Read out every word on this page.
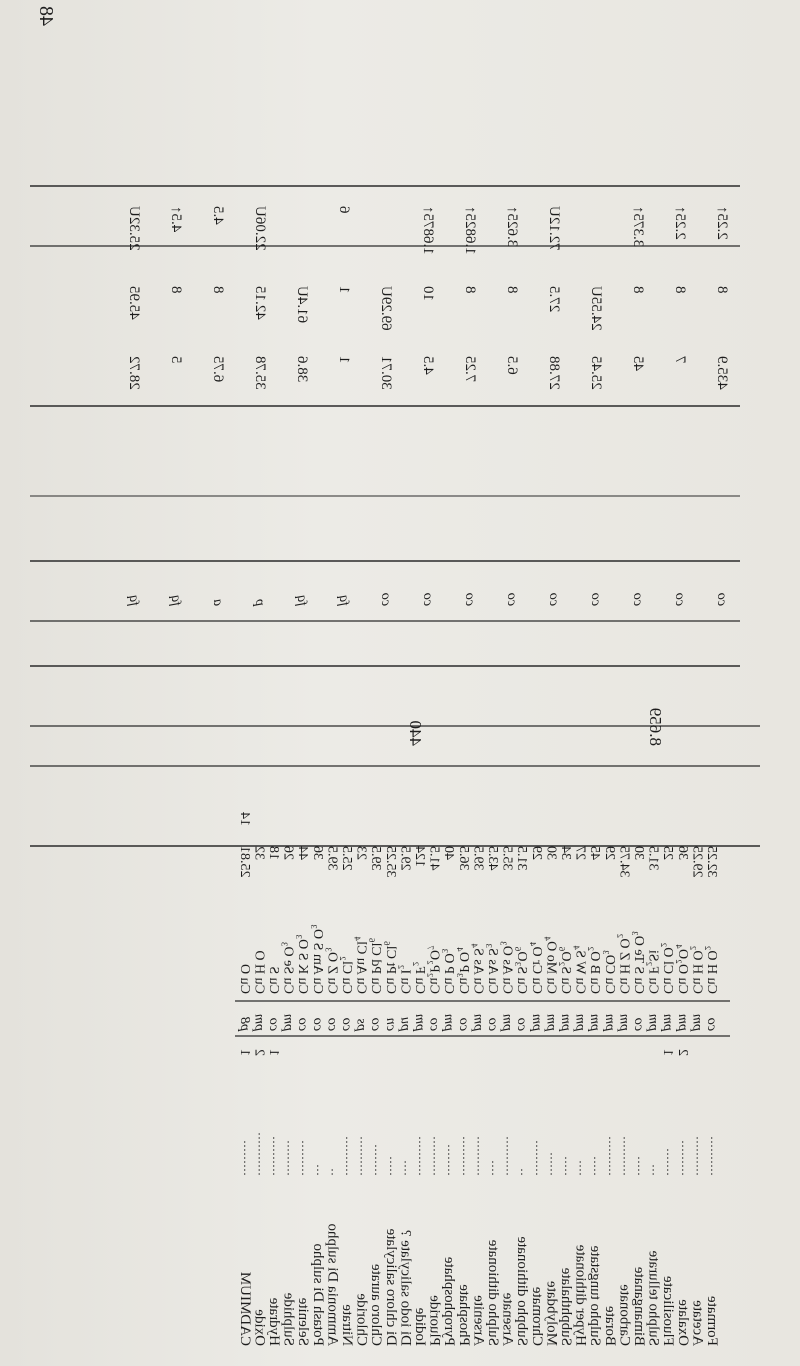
Formate
··········
co
Cu H O₂
32.25
Acetate
··········
pm
Cu H O₂
29.25
Oxalate
·········
2
pm
Cu O₂O₄
36
Fluosilicate
·······
1
pm
Cu Cl O₂
25
Sulpho tellurate
···
pm
Cu F₂Si
31.5
Bimanganate
·····
co
Cu S Te O₃
30
Carbonate
··········
pm
Cu H Z O₂
34.75
Borate
··········
pm
Cu CO₃
29
Sulpho tungstate
·····
pm
Cu B O₂
45
Hyper dithionate
····
pm
Cu W S₄
27
Subphthalate
·····
pm
Cu S₂O₆
34
Molybdate
······
pm
Cu Mo O₄
30
Chromate
·········
pm
Cu Cr O₄
29
Subpho dithionate
··
co
Cu S₃O₆
31.5
Arsenate
··········
pm
Cu As O₃
35.5
Sulpho dithionate
····
co
Cu As S₃
43.5
Arsenite
··········
pm
Cu As S₄
39.5
Phosphate
··········
co
Cu₃P O₄
36.5
Pyrophosphate
········
pm
Cu P O₃
40
Pluoride
··········
co
Cu₂P₂O₇
41.5
Iodide
··········
pm
Cu F₂
124
Di iodo salicylate ?
····
pu
Cu I₂
29.5
Di chloro salicylate
·····
cn
Cu Pt Cl₆
35.25
Chloro aurate
········
co
Cu Pd Cl₆
39.5
Chloride
··········
ps
Cu Au Cl₄
23
Nitrate
··········
co
Cu Cl₂
25.5
Ammonia Di sulpho
··
co
Cu Z O₃
39.5
Potash Di sulpho
···
co
Cu Am S O₃
36
Selenite
·········
co
Cu K S O₃
44
Sulphide
·········
pm
Cu Se O₃
26
Hydrate
··········
1
co
Cu S
18
Oxide
···········
2
pm
Cu H O
32
CADMIUM
·········
1
p8
Cu O
25.81
14
8.659
440
co
435.9
8
2.25↑
co
7
8
2.25↑
co
45
8
3.375↑
co
25.45
24.55U
co
27.88
27.5
72.12U
co
6.5
8
3.625↑
co
7.25
8
1.6825↑
co
4.5
10
1.6875↑
co
30.71
69.29U
fq
1
1
6
fq
38.6
61.4U
p
35.78
42.15
22.06U
a
6.75
8
4.5
fq
5
8
4.5↑
fq
28.72
45.95
25.32U
48
